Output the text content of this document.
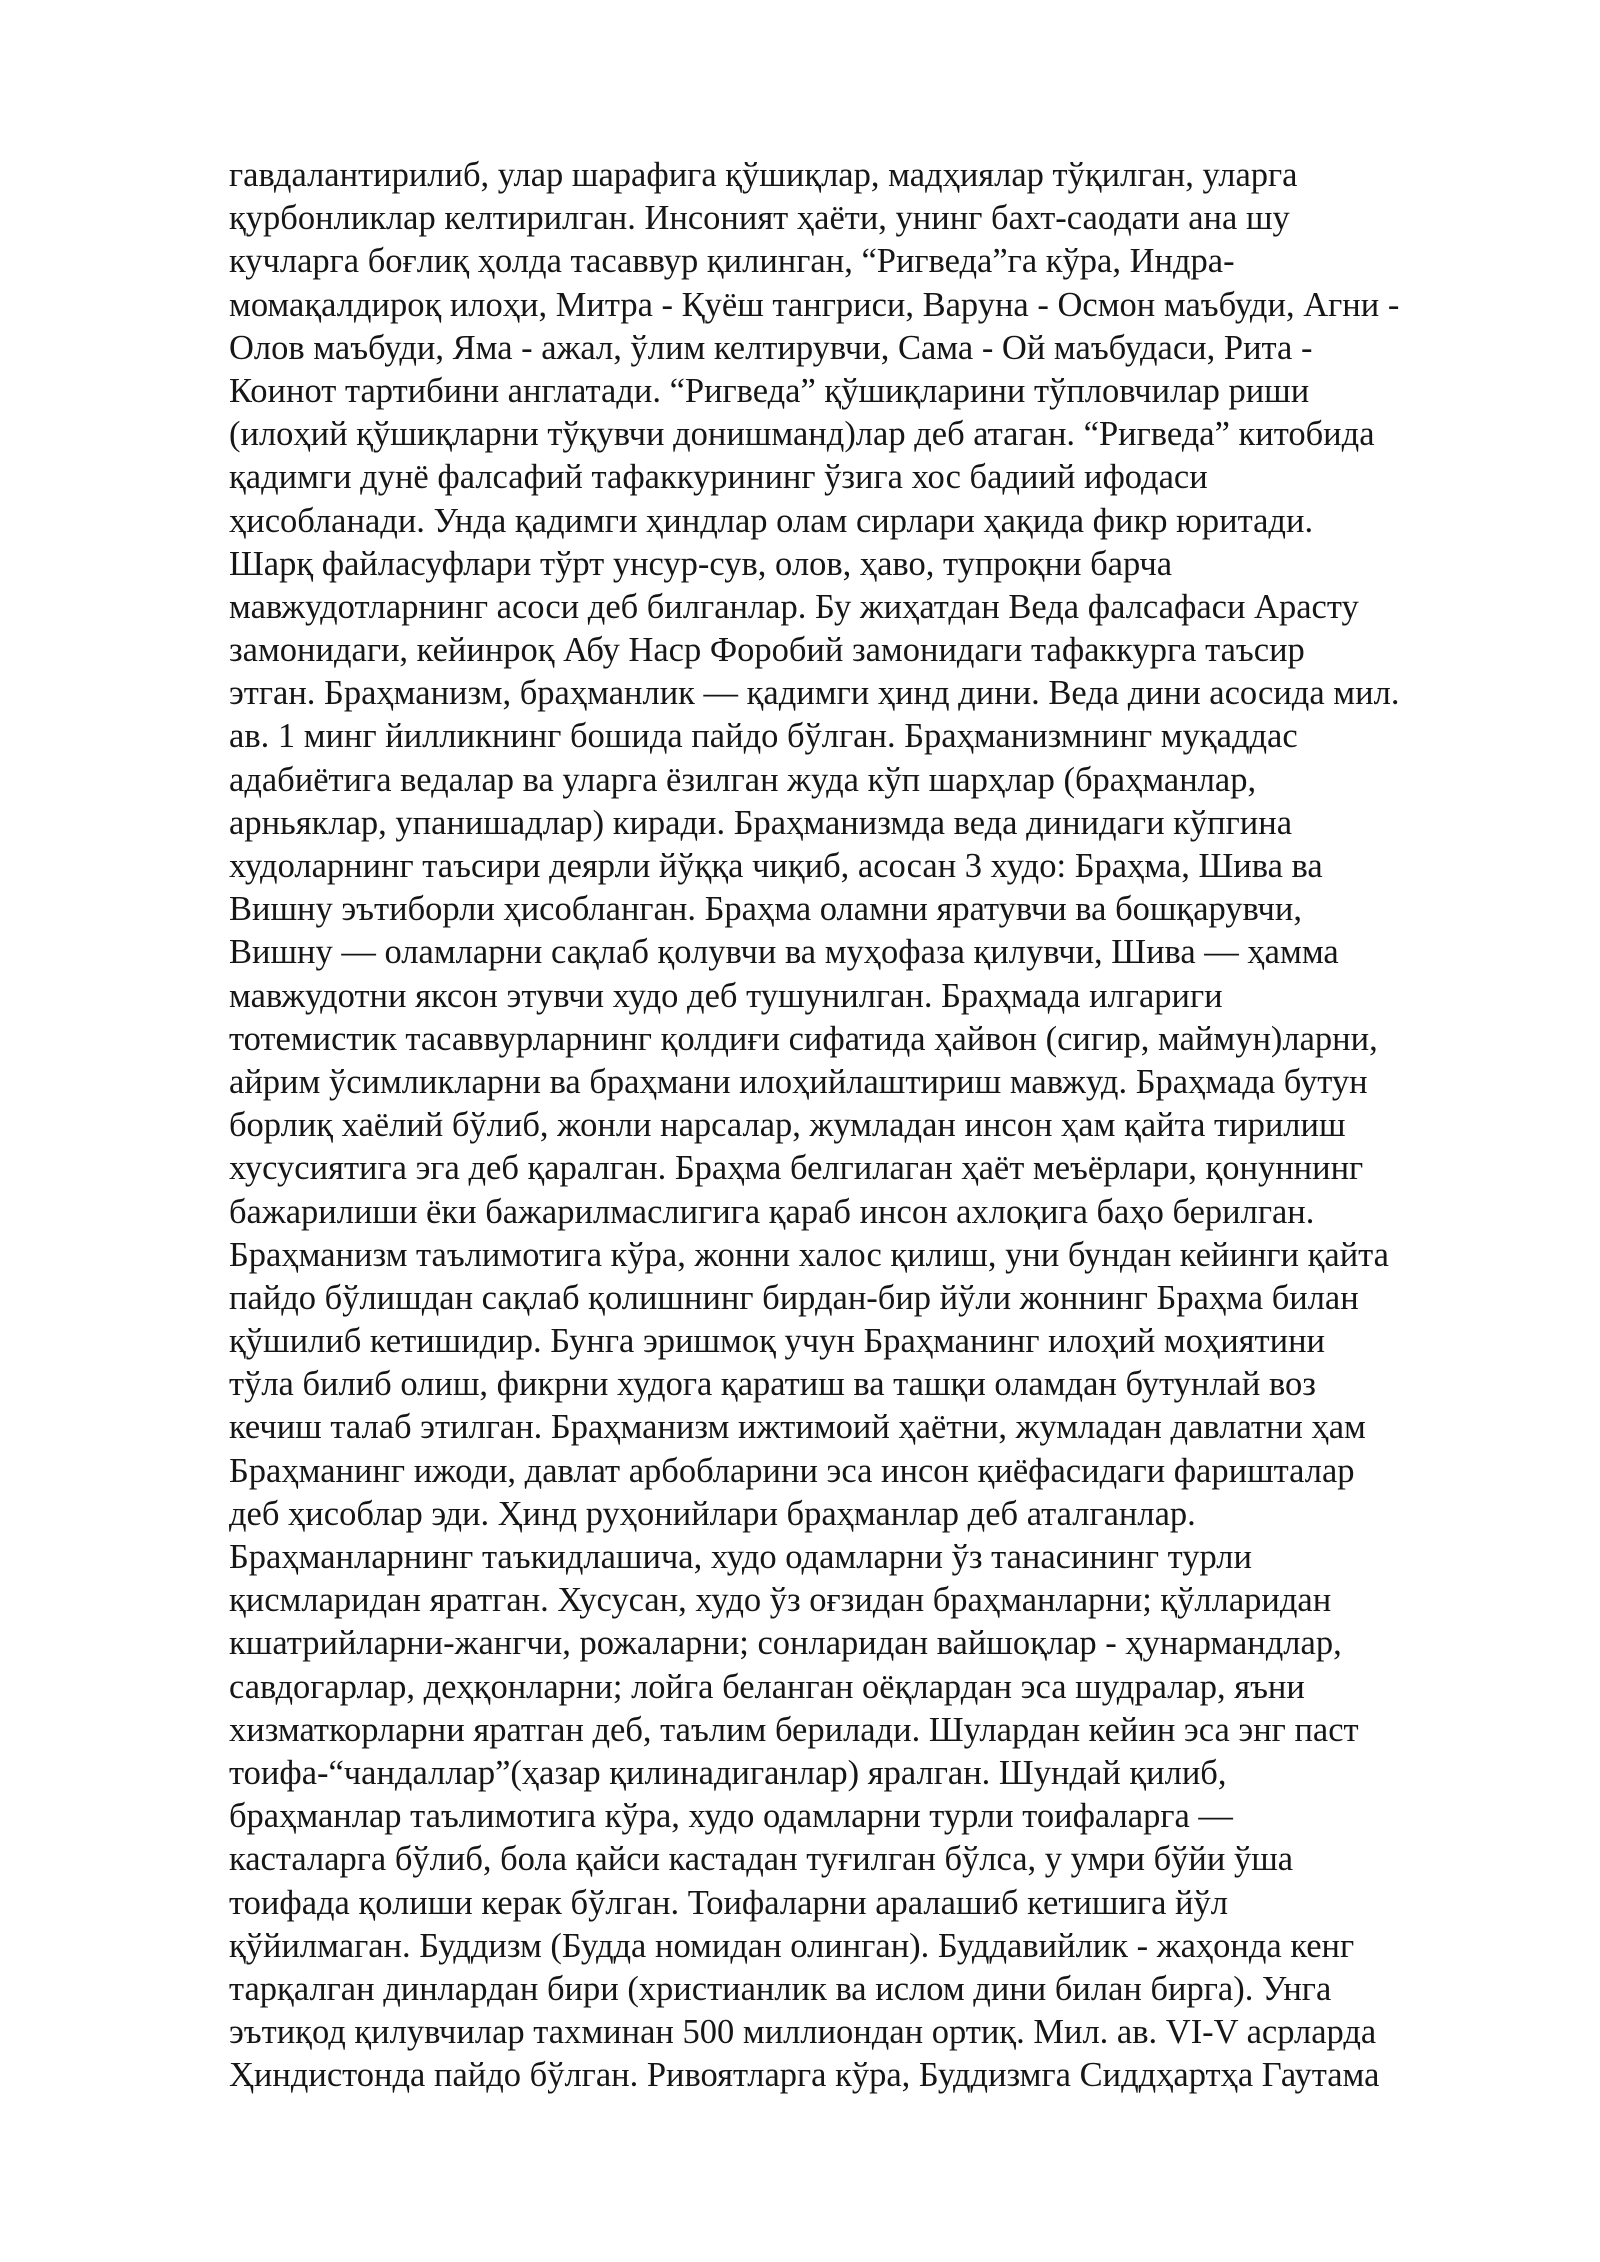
гавдалантирилиб, улар шарафига қўшиқлар, мадҳиялар тўқилган, уларга
қурбонликлар келтирилган. Инсоният ҳаёти, унинг бахт-саодати ана шу
кучларга боғлиқ ҳолда тасаввур қилинган, “Ригведа”га кўра, Индра-
момақалдироқ илоҳи, Митра - Қуёш тангриси, Варуна - Осмон маъбуди, Агни -
Олов маъбуди, Яма - ажал, ўлим келтирувчи, Сама - Ой маъбудаси, Рита -
Коинот тартибини англатади. “Ригведа” қўшиқларини тўпловчилар риши
(илоҳий қўшиқларни тўқувчи донишманд)лар деб атаган. “Ригведа” китобида
қадимги дунё фалсафий тафаккурининг ўзига хос бадиий ифодаси
ҳисобланади. Унда қадимги ҳиндлар олам сирлари ҳақида фикр юритади.
Шарқ файласуфлари тўрт унсур-сув, олов, ҳаво, тупроқни барча
мавжудотларнинг асоси деб билганлар. Бу жиҳатдан Веда фалсафаси Арасту
замонидаги, кейинроқ Абу Наср Форобий замонидаги тафаккурга таъсир
этган. Браҳманизм, браҳманлик — қадимги ҳинд дини. Веда дини асосида мил.
ав. 1 минг йилликнинг бошида пайдо бўлган. Браҳманизмнинг муқаддас
адабиётига ведалар ва уларга ёзилган жуда кўп шарҳлар (браҳманлар,
арньяклар, упанишадлар) киради. Браҳманизмда веда динидаги кўпгина
худоларнинг таъсири деярли йўққа чиқиб, асосан 3 худо: Браҳма, Шива ва
Вишну эътиборли ҳисобланган. Браҳма оламни яратувчи ва бошқарувчи,
Вишну — оламларни сақлаб қолувчи ва муҳофаза қилувчи, Шива — ҳамма
мавжудотни яксон этувчи худо деб тушунилган. Браҳмада илгариги
тотемистик тасаввурларнинг қолдиғи сифатида ҳайвон (сигир, маймун)ларни,
айрим ўсимликларни ва браҳмани илоҳийлаштириш мавжуд. Браҳмада бутун
борлиқ хаёлий бўлиб, жонли нарсалар, жумладан инсон ҳам қайта тирилиш
хусусиятига эга деб қаралган. Браҳма белгилаган ҳаёт меъёрлари, қонуннинг
бажарилиши ёки бажарилмаслигига қараб инсон ахлоқига баҳо берилган.
Браҳманизм таълимотига кўра, жонни халос қилиш, уни бундан кейинги қайта
пайдо бўлишдан сақлаб қолишнинг бирдан-бир йўли жоннинг Браҳма билан
қўшилиб кетишидир. Бунга эришмоқ учун Браҳманинг илоҳий моҳиятини
тўла билиб олиш, фикрни худога қаратиш ва ташқи оламдан бутунлай воз
кечиш талаб этилган. Браҳманизм ижтимоий ҳаётни, жумладан давлатни ҳам
Браҳманинг ижоди, давлат арбобларини эса инсон қиёфасидаги фаришталар
деб ҳисоблар эди. Ҳинд руҳонийлари браҳманлар деб аталганлар.
Браҳманларнинг таъкидлашича, худо одамларни ўз танасининг турли
қисмларидан яратган. Хусусан, худо ўз оғзидан браҳманларни; қўлларидан
кшатрийларни-жангчи, рожаларни; сонларидан вайшоқлар - ҳунармандлар,
савдогарлар, деҳқонларни; лойга беланган оёқлардан эса шудралар, яъни
хизматкорларни яратган деб, таълим берилади. Шулардан кейин эса энг паст
тоифа-“чандаллар”(ҳазар қилинадиганлар) яралган. Шундай қилиб,
браҳманлар таълимотига кўра, худо одамларни турли тоифаларга —
касталарга бўлиб, бола қайси кастадан туғилган бўлса, у умри бўйи ўша
тоифада қолиши керак бўлган. Тоифаларни аралашиб кетишига йўл
қўйилмаган. Буддизм (Будда номидан олинган). Буддавийлик - жаҳонда кенг
тарқалган динлардан бири (христианлик ва ислом дини билан бирга). Унга
эътиқод қилувчилар тахминан 500 миллиондан ортиқ. Мил. ав. VI-V асрларда
Ҳиндистонда пайдо бўлган. Ривоятларга кўра, Буддизмга Сиддҳартҳа Гаутама
